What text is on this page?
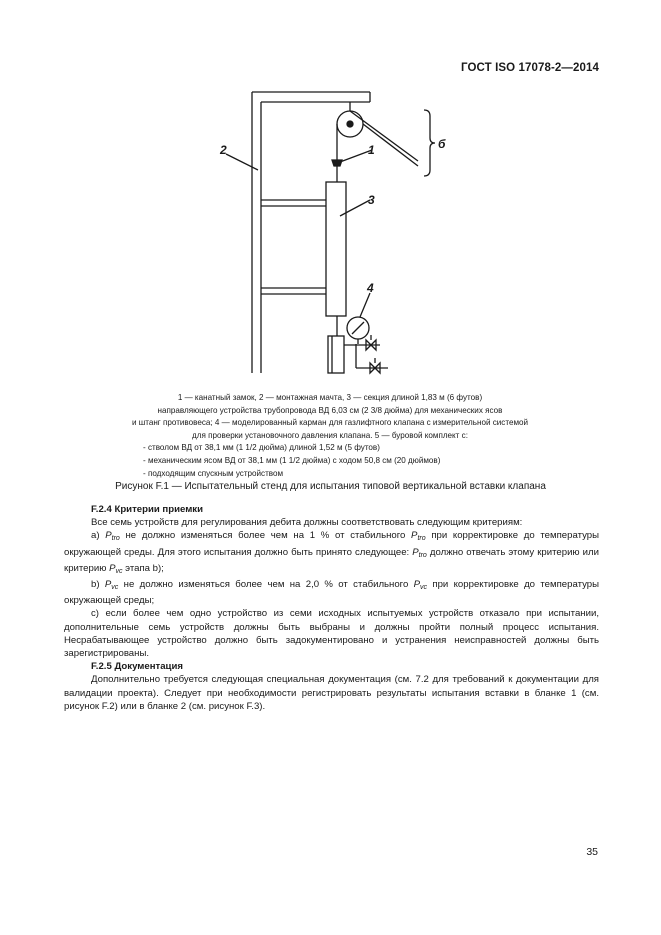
ГОСТ ISO 17078-2—2014
2	1
3
4
б
1 — канатный замок, 2 — монтажная мачта, 3 — секция длиной 1,83 м (6 футов)
направляющего устройства трубопровода ВД 6,03 см (2 3/8 дюйма) для механических ясов
и штанг противовеса; 4 — моделированный карман для газлифтного клапана с измерительной системой
для проверки установочного давления клапана. 5 — буровой комплект с:
- стволом ВД от 38,1 мм (1 1/2 дюйма) длиной 1,52 м (5 футов)
- механическим ясом ВД от 38,1 мм (1 1/2 дюйма) с ходом 50,8 см (20 дюймов)
- подходящим спускным устройством
Рисунок F.1 — Испытательный стенд для испытания типовой вертикальной вставки клапана

F.2.4 Критерии приемки

Все семь устройств для регулирования дебита должны соответствовать следующим критериям:

a) $P_{tro}$ не должно изменяться более чем на 1 % от стабильного $P_{tro}$ при корректировке до температуры окружающей среды. Для этого испытания должно быть принято следующее: $P_{tro}$ должно отвечать этому критерию или критерию $P_{vc}$ этапа b);

b) $P_{vc}$ не должно изменяться более чем на 2,0 % от стабильного $P_{vc}$ при корректировке до температуры окружающей среды;

c) если более чем одно устройство из семи исходных испытуемых устройств отказало при испытании, дополнительные семь устройств должны быть выбраны и должны пройти полный процесс испытания. Несрабатывающее устройство должно быть задокументировано и устранения неисправностей должны быть зарегистрированы.

F.2.5 Документация

Дополнительно требуется следующая специальная документация (см. 7.2 для требований к документации для валидации проекта). Следует при необходимости регистрировать результаты испытания вставки в бланке 1 (см. рисунок F.2) или в бланке 2 (см. рисунок F.3).

35
